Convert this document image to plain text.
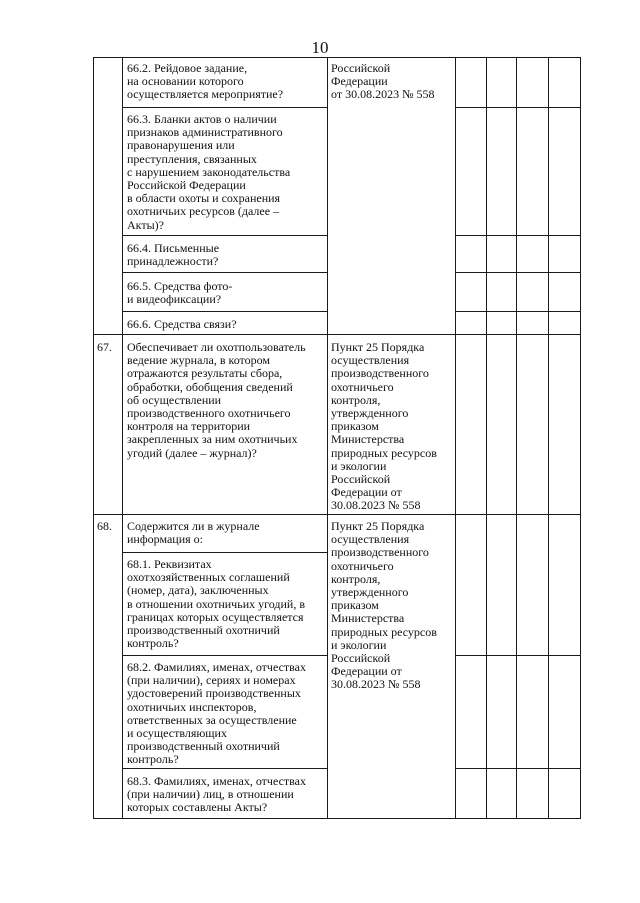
10
66.2. Рейдовое задание,
на основании которого
осуществляется мероприятие?
Российской
Федерации
от 30.08.2023 № 558
66.3. Бланки актов о наличии
признаков административного
правонарушения или
преступления, связанных
с нарушением законодательства
Российской Федерации
в области охоты и сохранения
охотничьих ресурсов (далее –
Акты)?
66.4. Письменные
принадлежности?
66.5. Средства фото-
и видеофиксации?
66.6. Средства связи?
67.	Обеспечивает ли охотпользователь
ведение журнала, в котором
отражаются результаты сбора,
обработки, обобщения сведений
об осуществлении
производственного охотничьего
контроля на территории
закрепленных за ним охотничьих
угодий (далее – журнал)?
Пункт 25 Порядка
осуществления
производственного
охотничьего
контроля,
утвержденного
приказом
Министерства
природных ресурсов
и экологии
Российской
Федерации от
30.08.2023 № 558
68.	Содержится ли в журнале
информация о:
Пункт 25 Порядка
осуществления
производственного
охотничьего
контроля,
утвержденного
приказом
Министерства
природных ресурсов
и экологии
Российской
Федерации от
30.08.2023 № 558
68.1. Реквизитах
охотхозяйственных соглашений
(номер, дата), заключенных
в отношении охотничьих угодий, в
границах которых осуществляется
производственный охотничий
контроль?
68.2. Фамилиях, именах, отчествах
(при наличии), сериях и номерах
удостоверений производственных
охотничьих инспекторов,
ответственных за осуществление
и осуществляющих
производственный охотничий
контроль?
68.3. Фамилиях, именах, отчествах
(при наличии) лиц, в отношении
которых составлены Акты?
